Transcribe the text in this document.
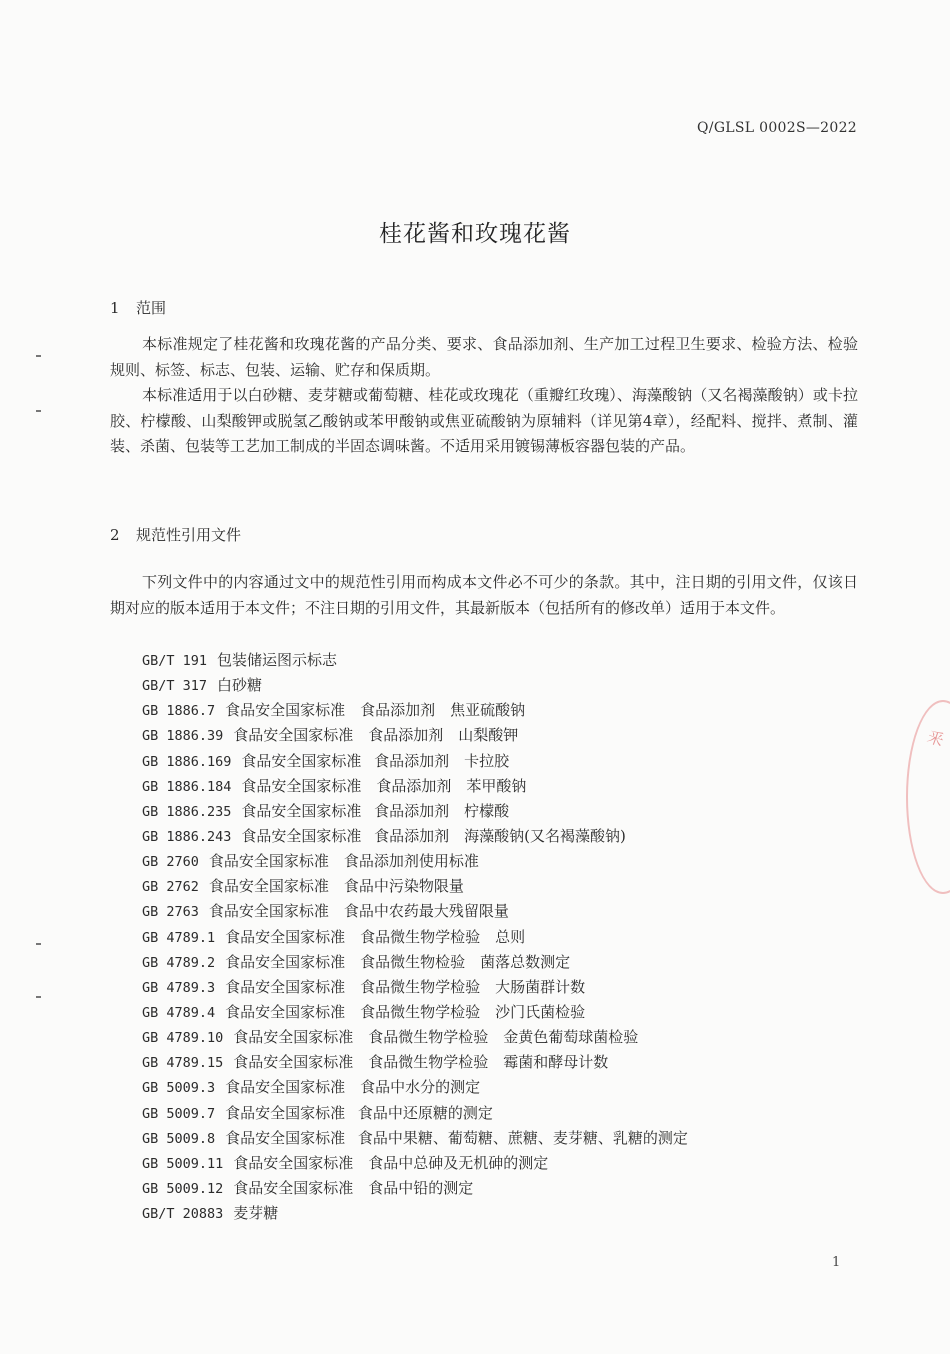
Q/GLSL 0002S—2022
桂花酱和玫瑰花酱
1 范围

本标准规定了桂花酱和玫瑰花酱的产品分类、要求、食品添加剂、生产加工过程卫生要求、检验方法、检验规则、标签、标志、包装、运输、贮存和保质期。

本标准适用于以白砂糖、麦芽糖或葡萄糖、桂花或玫瑰花（重瓣红玫瑰）、海藻酸钠（又名褐藻酸钠）或卡拉胶、柠檬酸、山梨酸钾或脱氢乙酸钠或苯甲酸钠或焦亚硫酸钠为原辅料（详见第4章），经配料、搅拌、煮制、灌装、杀菌、包装等工艺加工制成的半固态调味酱。不适用采用镀锡薄板容器包装的产品。

2 规范性引用文件

下列文件中的内容通过文中的规范性引用而构成本文件必不可少的条款。其中，注日期的引用文件，仅该日期对应的版本适用于本文件；不注日期的引用文件，其最新版本（包括所有的修改单）适用于本文件。

GB/T 191 包装储运图示标志
GB/T 317 白砂糖
GB 1886.7 食品安全国家标准　食品添加剂　焦亚硫酸钠
GB 1886.39 食品安全国家标准　食品添加剂　山梨酸钾
GB 1886.169 食品安全国家标准 食品添加剂　卡拉胶
GB 1886.184 食品安全国家标准　食品添加剂　苯甲酸钠
GB 1886.235 食品安全国家标准 食品添加剂　柠檬酸
GB 1886.243 食品安全国家标准 食品添加剂　海藻酸钠(又名褐藻酸钠)
GB 2760 食品安全国家标准　食品添加剂使用标准
GB 2762 食品安全国家标准　食品中污染物限量
GB 2763 食品安全国家标准　食品中农药最大残留限量
GB 4789.1 食品安全国家标准　食品微生物学检验　总则
GB 4789.2 食品安全国家标准　食品微生物检验　菌落总数测定
GB 4789.3 食品安全国家标准　食品微生物学检验　大肠菌群计数
GB 4789.4 食品安全国家标准　食品微生物学检验　沙门氏菌检验
GB 4789.10 食品安全国家标准　食品微生物学检验　金黄色葡萄球菌检验
GB 4789.15 食品安全国家标准　食品微生物学检验　霉菌和酵母计数
GB 5009.3 食品安全国家标准　食品中水分的测定
GB 5009.7 食品安全国家标准 食品中还原糖的测定
GB 5009.8 食品安全国家标准 食品中果糖、葡萄糖、蔗糖、麦芽糖、乳糖的测定
GB 5009.11 食品安全国家标准　食品中总砷及无机砷的测定
GB 5009.12 食品安全国家标准　食品中铅的测定
GB/T 20883 麦芽糖
1
釆
